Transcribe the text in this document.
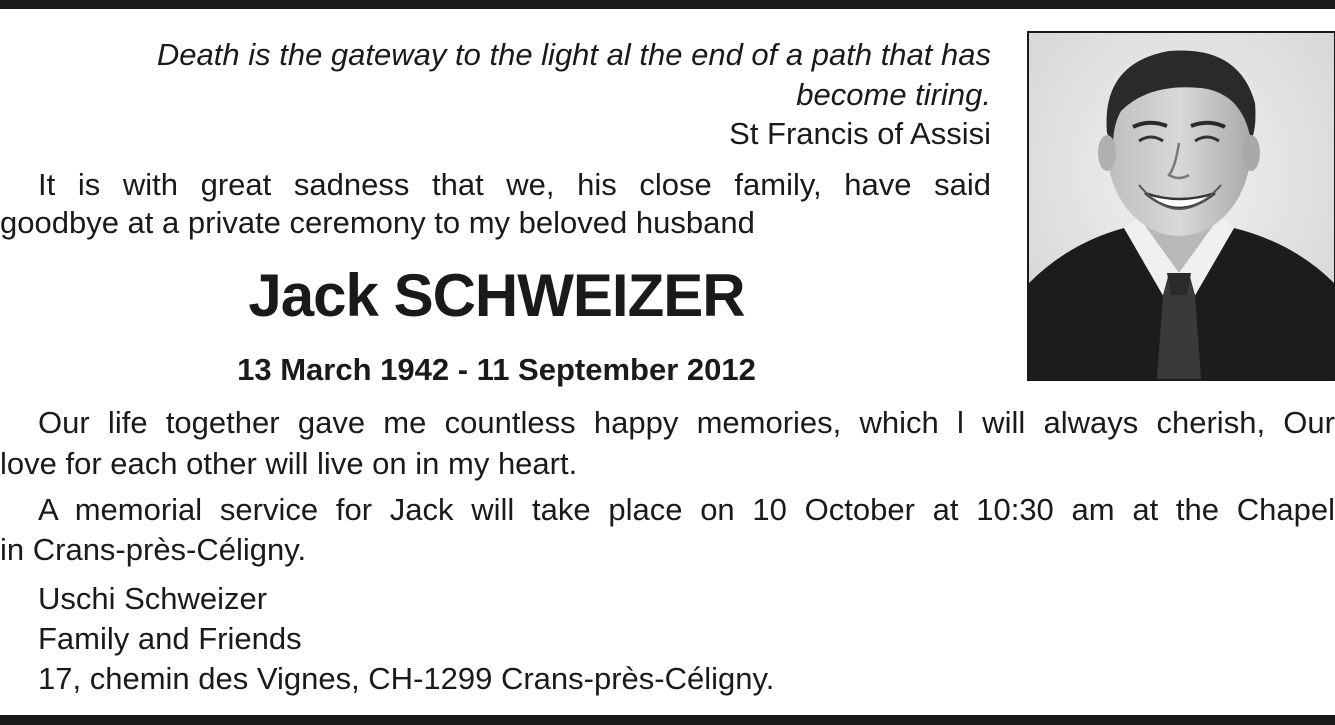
Death is the gateway to the light al the end of a path that has
become tiring.
St Francis of Assisi
It is with great sadness that we, his close family, have said
goodbye at a private ceremony to my beloved husband
Jack SCHWEIZER
13 March 1942 - 11 September 2012
Our life together gave me countless happy memories, which l will always cherish, Our
love for each other will live on in my heart.
A memorial service for Jack will take place on 10 October at 10:30 am at the Chapel
in Crans-près-Céligny.
Uschi Schweizer
Family and Friends
17, chemin des Vignes, CH-1299 Crans-près-Céligny.
